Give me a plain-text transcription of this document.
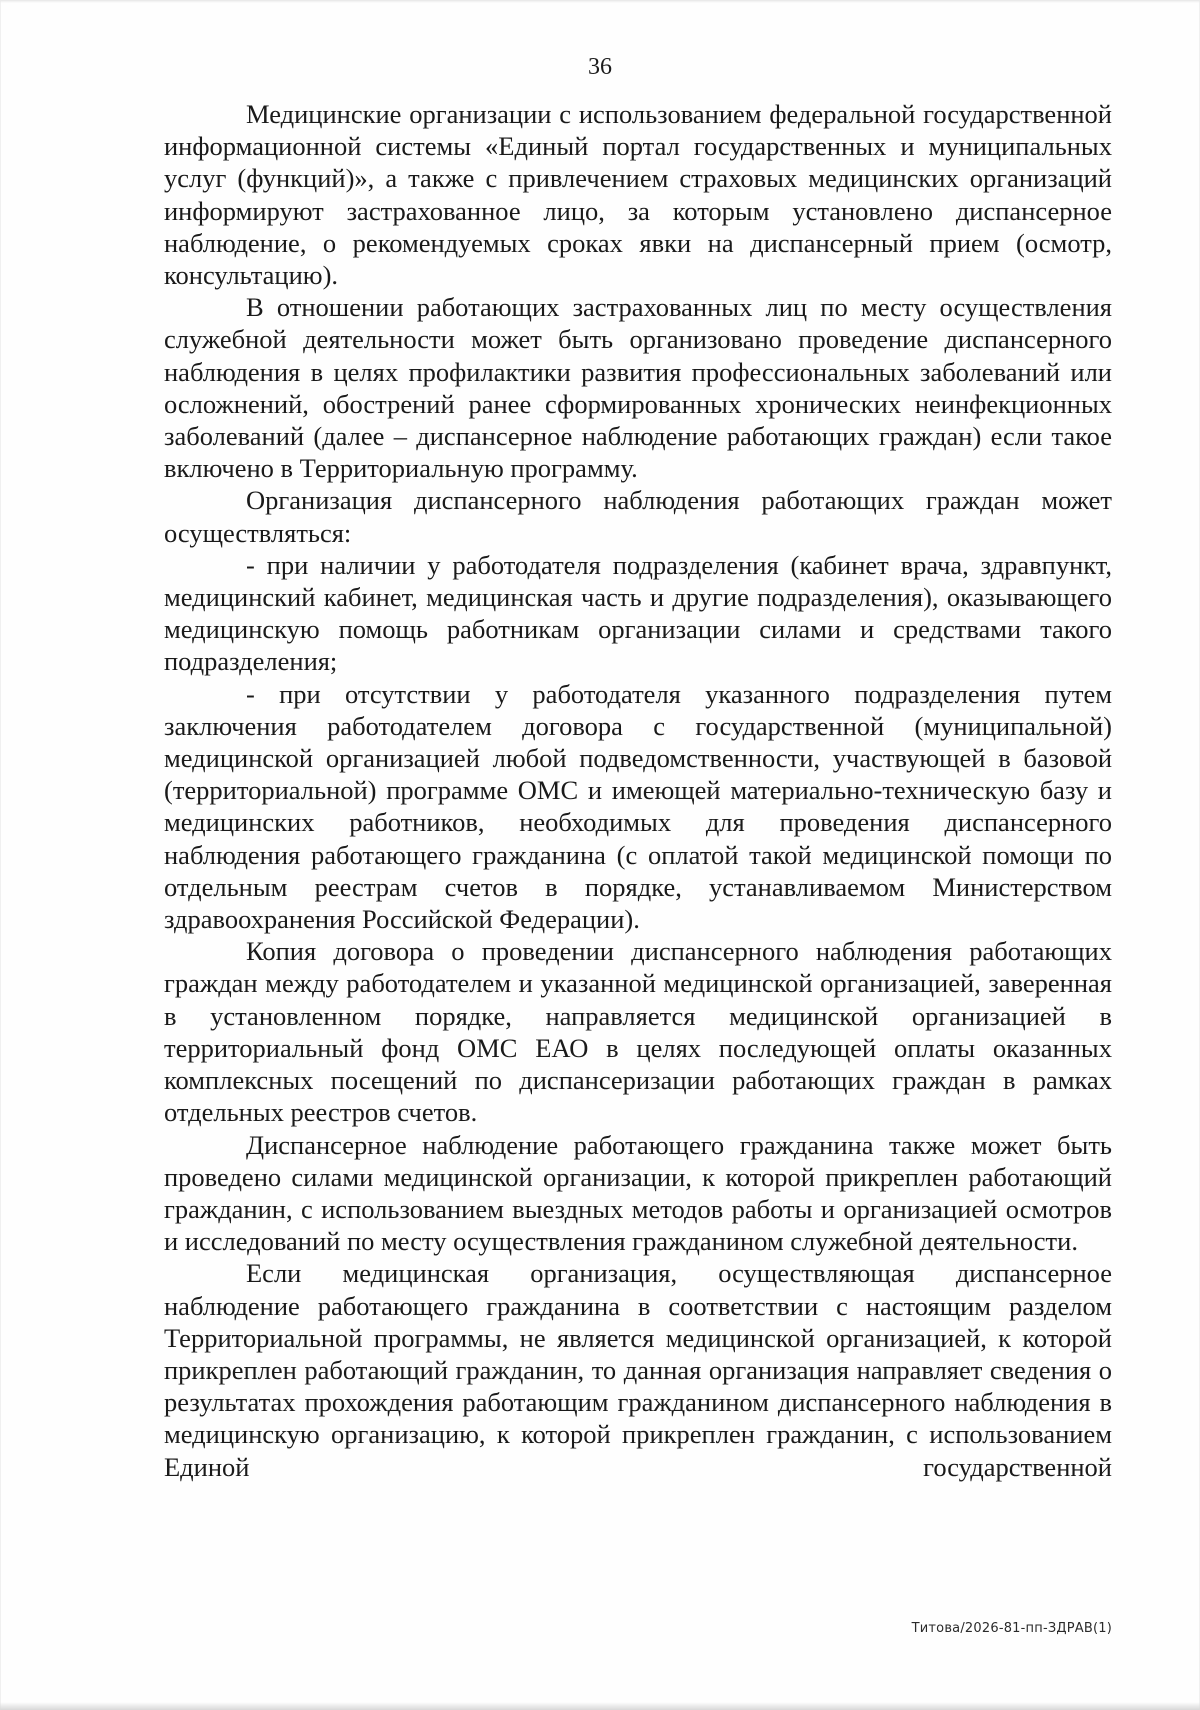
36

Медицинские организации с использованием федеральной государственной информационной системы «Единый портал государственных и муниципальных услуг (функций)», а также с привлечением страховых медицинских организаций информируют застрахованное лицо, за которым установлено диспансерное наблюдение, о рекомендуемых сроках явки на диспансерный прием (осмотр, консультацию).

В отношении работающих застрахованных лиц по месту осуществления служебной деятельности может быть организовано проведение диспансерного наблюдения в целях профилактики развития профессиональных заболеваний или осложнений, обострений ранее сформированных хронических неинфекционных заболеваний (далее – диспансерное наблюдение работающих граждан) если такое включено в Территориальную программу.

Организация диспансерного наблюдения работающих граждан может осуществляться:

- при наличии у работодателя подразделения (кабинет врача, здравпункт, медицинский кабинет, медицинская часть и другие подразделения), оказывающего медицинскую помощь работникам организации силами и средствами такого подразделения;

- при отсутствии у работодателя указанного подразделения путем заключения работодателем договора с государственной (муниципальной) медицинской организацией любой подведомственности, участвующей в базовой (территориальной) программе ОМС и имеющей материально-техническую базу и медицинских работников, необходимых для проведения диспансерного наблюдения работающего гражданина (с оплатой такой медицинской помощи по отдельным реестрам счетов в порядке, устанавливаемом Министерством здравоохранения Российской Федерации).

Копия договора о проведении диспансерного наблюдения работающих граждан между работодателем и указанной медицинской организацией, заверенная в установленном порядке, направляется медицинской организацией в территориальный фонд ОМС ЕАО в целях последующей оплаты оказанных комплексных посещений по диспансеризации работающих граждан в рамках отдельных реестров счетов.

Диспансерное наблюдение работающего гражданина также может быть проведено силами медицинской организации, к которой прикреплен работающий гражданин, с использованием выездных методов работы и организацией осмотров и исследований по месту осуществления гражданином служебной деятельности.

Если медицинская организация, осуществляющая диспансерное наблюдение работающего гражданина в соответствии с настоящим разделом Территориальной программы, не является медицинской организацией, к которой прикреплен работающий гражданин, то данная организация направляет сведения о результатах прохождения работающим гражданином диспансерного наблюдения в медицинскую организацию, к которой прикреплен гражданин, с использованием Единой государственной

Титова/2026-81-пп-ЗДРАВ(1)
